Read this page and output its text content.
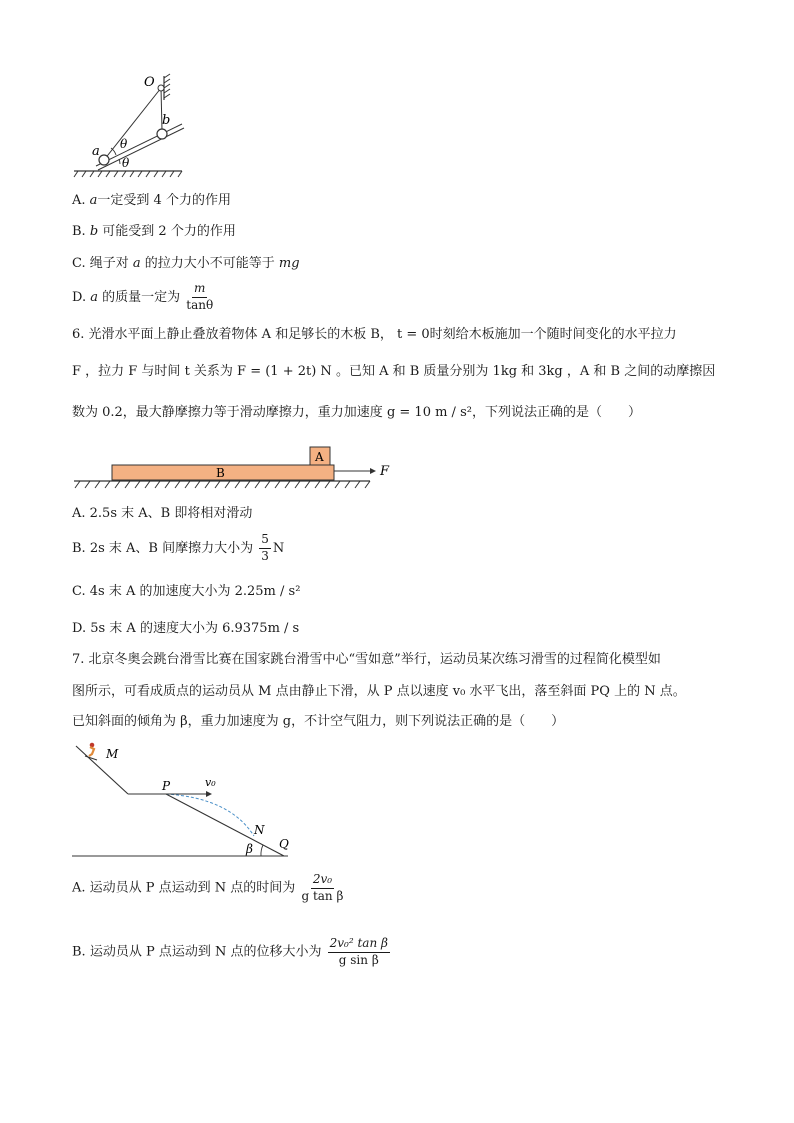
O
a
b
θ
θ
A. a一定受到 4 个力的作用
B. b 可能受到 2 个力的作用
C. 绳子对 a 的拉力大小不可能等于 mg
D. a 的质量一定为 $\frac{m}{\tan\theta}$
6. 光滑水平面上静止叠放着物体 A 和足够长的木板 B， t = 0时刻给木板施加一个随时间变化的水平拉力
F ，拉力 F 与时间 t 关系为 F = (1 + 2t) N 。已知 A 和 B 质量分别为 1kg 和 3kg ，A 和 B 之间的动摩擦因
数为 0.2，最大静摩擦力等于滑动摩擦力，重力加速度 g = 10 m / s²，下列说法正确的是（　　）
A
B	F
A. 2.5s 末 A、B 即将相对滑动
B. 2s 末 A、B 间摩擦力大小为 $\frac{5}{3}$ N
C. 4s 末 A 的加速度大小为 2.25m / s²
D. 5s 末 A 的速度大小为 6.9375m / s
7. 北京冬奥会跳台滑雪比赛在国家跳台滑雪中心“雪如意”举行，运动员某次练习滑雪的过程简化模型如
图所示，可看成质点的运动员从 M 点由静止下滑，从 P 点以速度 v₀ 水平飞出，落至斜面 PQ 上的 N 点。
已知斜面的倾角为 β，重力加速度为 g，不计空气阻力，则下列说法正确的是（　　）
M
P	v₀
N
Q
β
A. 运动员从 P 点运动到 N 点的时间为 $\frac{\text{2v₀}}{\text{g tan β}}$
B. 运动员从 P 点运动到 N 点的位移大小为 $\frac{\text{2v₀² tan β}}{\text{g sin β}}$
